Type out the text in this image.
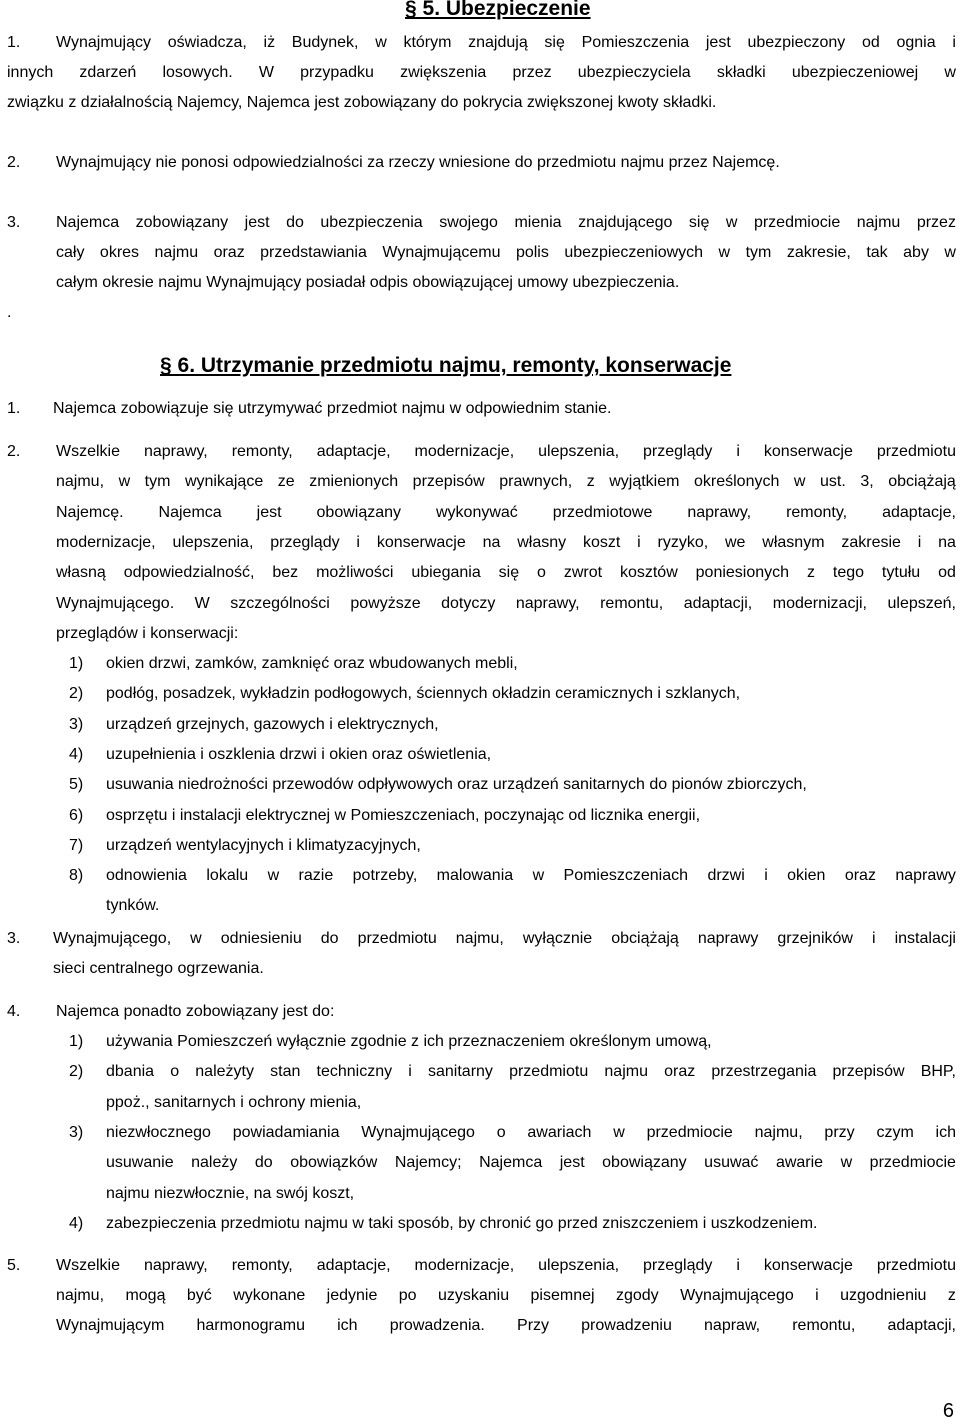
§ 5. Ubezpieczenie
1. Wynajmujący oświadcza, iż Budynek, w którym znajdują się Pomieszczenia jest ubezpieczony od ognia i
innych zdarzeń losowych. W przypadku zwiększenia przez ubezpieczyciela składki ubezpieczeniowej w
związku z działalnością Najemcy, Najemca jest zobowiązany do pokrycia zwiększonej kwoty składki.
2. Wynajmujący nie ponosi odpowiedzialności za rzeczy wniesione do przedmiotu najmu przez Najemcę.
3. Najemca zobowiązany jest do ubezpieczenia swojego mienia znajdującego się w przedmiocie najmu przez
cały okres najmu oraz przedstawiania Wynajmującemu polis ubezpieczeniowych w tym zakresie, tak aby w
całym okresie najmu Wynajmujący posiadał odpis obowiązującej umowy ubezpieczenia.
.
§ 6. Utrzymanie przedmiotu najmu, remonty, konserwacje
1. Najemca zobowiązuje się utrzymywać przedmiot najmu w odpowiednim stanie.
2. Wszelkie naprawy, remonty, adaptacje, modernizacje, ulepszenia, przeglądy i konserwacje przedmiotu
najmu, w tym wynikające ze zmienionych przepisów prawnych, z wyjątkiem określonych w ust. 3, obciążają
Najemcę. Najemca jest obowiązany wykonywać przedmiotowe naprawy, remonty, adaptacje,
modernizacje, ulepszenia, przeglądy i konserwacje na własny koszt i ryzyko, we własnym zakresie i na
własną odpowiedzialność, bez możliwości ubiegania się o zwrot kosztów poniesionych z tego tytułu od
Wynajmującego. W szczególności powyższe dotyczy naprawy, remontu, adaptacji, modernizacji, ulepszeń,
przeglądów i konserwacji:
1) okien drzwi, zamków, zamknięć oraz wbudowanych mebli,
2) podłóg, posadzek, wykładzin podłogowych, ściennych okładzin ceramicznych i szklanych,
3) urządzeń grzejnych, gazowych i elektrycznych,
4) uzupełnienia i oszklenia drzwi i okien oraz oświetlenia,
5) usuwania niedrożności przewodów odpływowych oraz urządzeń sanitarnych do pionów zbiorczych,
6) osprzętu i instalacji elektrycznej w Pomieszczeniach, poczynając od licznika energii,
7) urządzeń wentylacyjnych i klimatyzacyjnych,
8) odnowienia lokalu w razie potrzeby, malowania w Pomieszczeniach drzwi i okien oraz naprawy
tynków.
3. Wynajmującego, w odniesieniu do przedmiotu najmu, wyłącznie obciążają naprawy grzejników i instalacji
sieci centralnego ogrzewania.
4. Najemca ponadto zobowiązany jest do:
1) używania Pomieszczeń wyłącznie zgodnie z ich przeznaczeniem określonym umową,
2) dbania o należyty stan techniczny i sanitarny przedmiotu najmu oraz przestrzegania przepisów BHP,
ppoż., sanitarnych i ochrony mienia,
3) niezwłocznego powiadamiania Wynajmującego o awariach w przedmiocie najmu, przy czym ich
usuwanie należy do obowiązków Najemcy; Najemca jest obowiązany usuwać awarie w przedmiocie
najmu niezwłocznie, na swój koszt,
4) zabezpieczenia przedmiotu najmu w taki sposób, by chronić go przed zniszczeniem i uszkodzeniem.
5. Wszelkie naprawy, remonty, adaptacje, modernizacje, ulepszenia, przeglądy i konserwacje przedmiotu
najmu, mogą być wykonane jedynie po uzyskaniu pisemnej zgody Wynajmującego i uzgodnieniu z
Wynajmującym harmonogramu ich prowadzenia. Przy prowadzeniu napraw, remontu, adaptacji,
6
